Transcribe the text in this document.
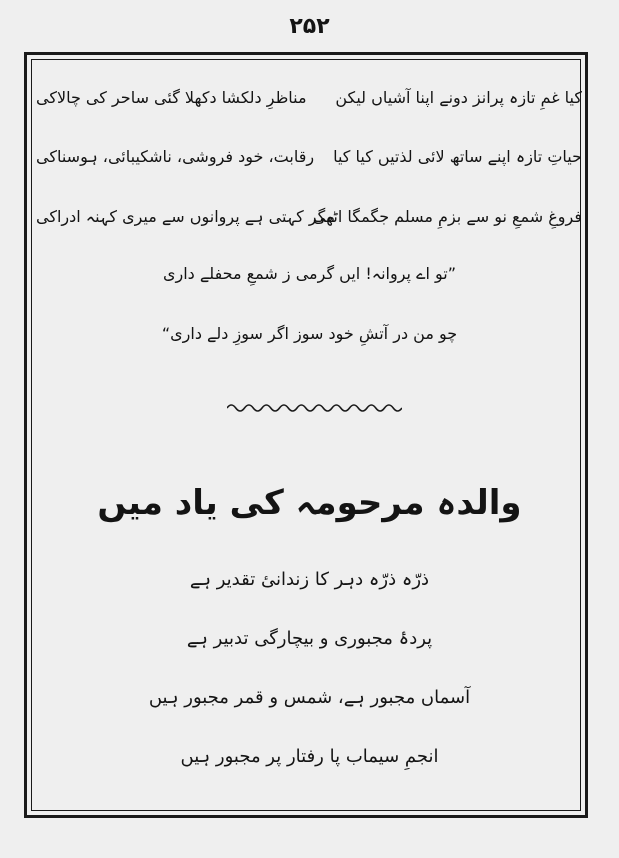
۲۵۲
کیا غمِ تازہ پرانز دونے اپنا آشیاں لیکن
مناظرِ دلکشا دکھلا گئی ساحر کی چالاکی
حیاتِ تازہ اپنے ساتھ لائی لذتیں کیا کیا
رقابت، خود فروشی، ناشکیبائی، ہوسناکی
فروغِ شمعِ نو سے بزمِ مسلم جگمگا اٹھی
مگر کہتی ہے پروانوں سے میری کہنہ ادراکی
”تو اے پروانہ! ایں گرمی ز شمعِ محفلے داری
چو من در آتشِ خود سوز اگر سوزِ دلے داری“
والدہ مرحومہ کی یاد میں
ذرّہ ذرّہ دہر کا زندانیٔ تقدیر ہے
پردۂ مجبوری و بیچارگی تدبیر ہے
آسماں مجبور ہے، شمس و قمر مجبور ہیں
انجمِ سیماب پا رفتار پر مجبور ہیں
